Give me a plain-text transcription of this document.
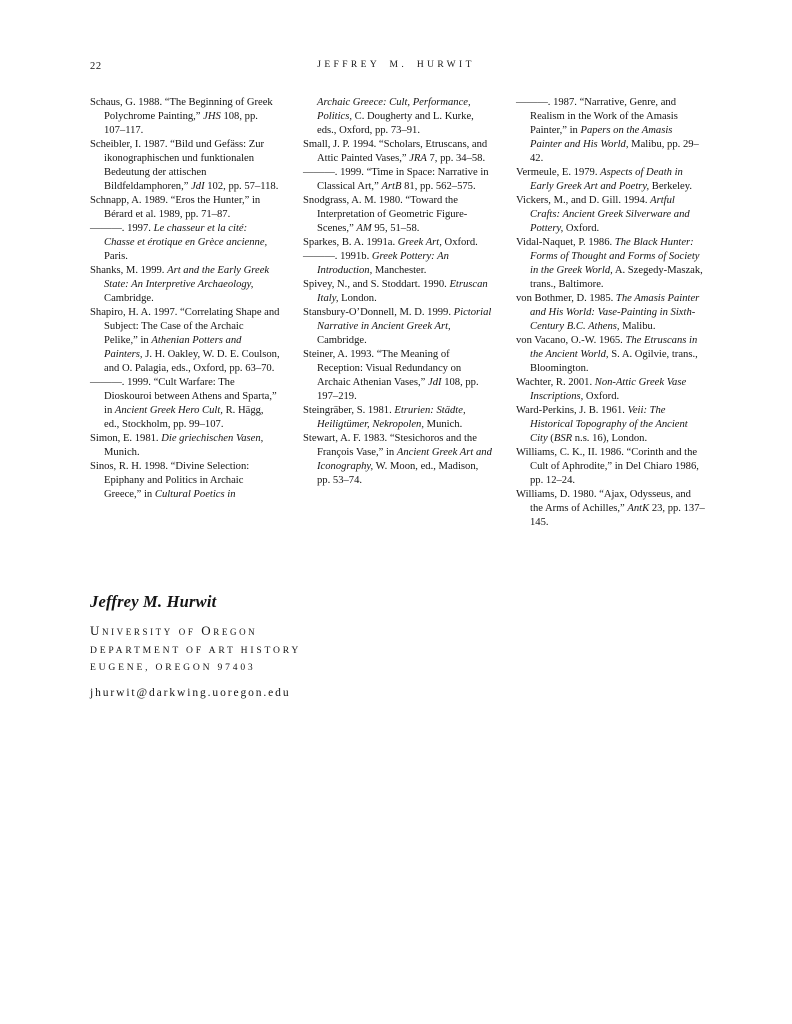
22	JEFFREY M. HURWIT

Schaus, G. 1988. “The Beginning of Greek Polychrome Painting,” JHS 108, pp. 107–117.

Scheibler, I. 1987. “Bild und Gefäss: Zur ikonographischen und funktionalen Bedeutung der attischen Bildfeldamphoren,” JdI 102, pp. 57–118.

Schnapp, A. 1989. “Eros the Hunter,” in Bérard et al. 1989, pp. 71–87.

———. 1997. Le chasseur et la cité: Chasse et érotique en Grèce ancienne, Paris.

Shanks, M. 1999. Art and the Early Greek State: An Interpretive Archaeology, Cambridge.

Shapiro, H. A. 1997. “Correlating Shape and Subject: The Case of the Archaic Pelike,” in Athenian Potters and Painters, J. H. Oakley, W. D. E. Coulson, and O. Palagia, eds., Oxford, pp. 63–70.

———. 1999. “Cult Warfare: The Dioskouroi between Athens and Sparta,” in Ancient Greek Hero Cult, R. Hägg, ed., Stockholm, pp. 99–107.

Simon, E. 1981. Die griechischen Vasen, Munich.

Sinos, R. H. 1998. “Divine Selection: Epiphany and Politics in Archaic Greece,” in Cultural Poetics in

Archaic Greece: Cult, Performance, Politics, C. Dougherty and L. Kurke, eds., Oxford, pp. 73–91.

Small, J. P. 1994. “Scholars, Etruscans, and Attic Painted Vases,” JRA 7, pp. 34–58.

———. 1999. “Time in Space: Narrative in Classical Art,” ArtB 81, pp. 562–575.

Snodgrass, A. M. 1980. “Toward the Interpretation of Geometric Figure-Scenes,” AM 95, 51–58.

Sparkes, B. A. 1991a. Greek Art, Oxford.

———. 1991b. Greek Pottery: An Introduction, Manchester.

Spivey, N., and S. Stoddart. 1990. Etruscan Italy, London.

Stansbury-O’Donnell, M. D. 1999. Pictorial Narrative in Ancient Greek Art, Cambridge.

Steiner, A. 1993. “The Meaning of Reception: Visual Redundancy on Archaic Athenian Vases,” JdI 108, pp. 197–219.

Steingräber, S. 1981. Etrurien: Städte, Heiligtümer, Nekropolen, Munich.

Stewart, A. F. 1983. “Stesichoros and the François Vase,” in Ancient Greek Art and Iconography, W. Moon, ed., Madison, pp. 53–74.

———. 1987. “Narrative, Genre, and Realism in the Work of the Amasis Painter,” in Papers on the Amasis Painter and His World, Malibu, pp. 29–42.

Vermeule, E. 1979. Aspects of Death in Early Greek Art and Poetry, Berkeley.

Vickers, M., and D. Gill. 1994. Artful Crafts: Ancient Greek Silverware and Pottery, Oxford.

Vidal-Naquet, P. 1986. The Black Hunter: Forms of Thought and Forms of Society in the Greek World, A. Szegedy-Maszak, trans., Baltimore.

von Bothmer, D. 1985. The Amasis Painter and His World: Vase-Painting in Sixth-Century B.C. Athens, Malibu.

von Vacano, O.-W. 1965. The Etruscans in the Ancient World, S. A. Ogilvie, trans., Bloomington.

Wachter, R. 2001. Non-Attic Greek Vase Inscriptions, Oxford.

Ward-Perkins, J. B. 1961. Veii: The Historical Topography of the Ancient City (BSR n.s. 16), London.

Williams, C. K., II. 1986. “Corinth and the Cult of Aphrodite,” in Del Chiaro 1986, pp. 12–24.

Williams, D. 1980. “Ajax, Odysseus, and the Arms of Achilles,” AntK 23, pp. 137–145.

Jeffrey M. Hurwit
University of Oregon
DEPARTMENT OF ART HISTORY
EUGENE, OREGON 97403
jhurwit@darkwing.uoregon.edu
